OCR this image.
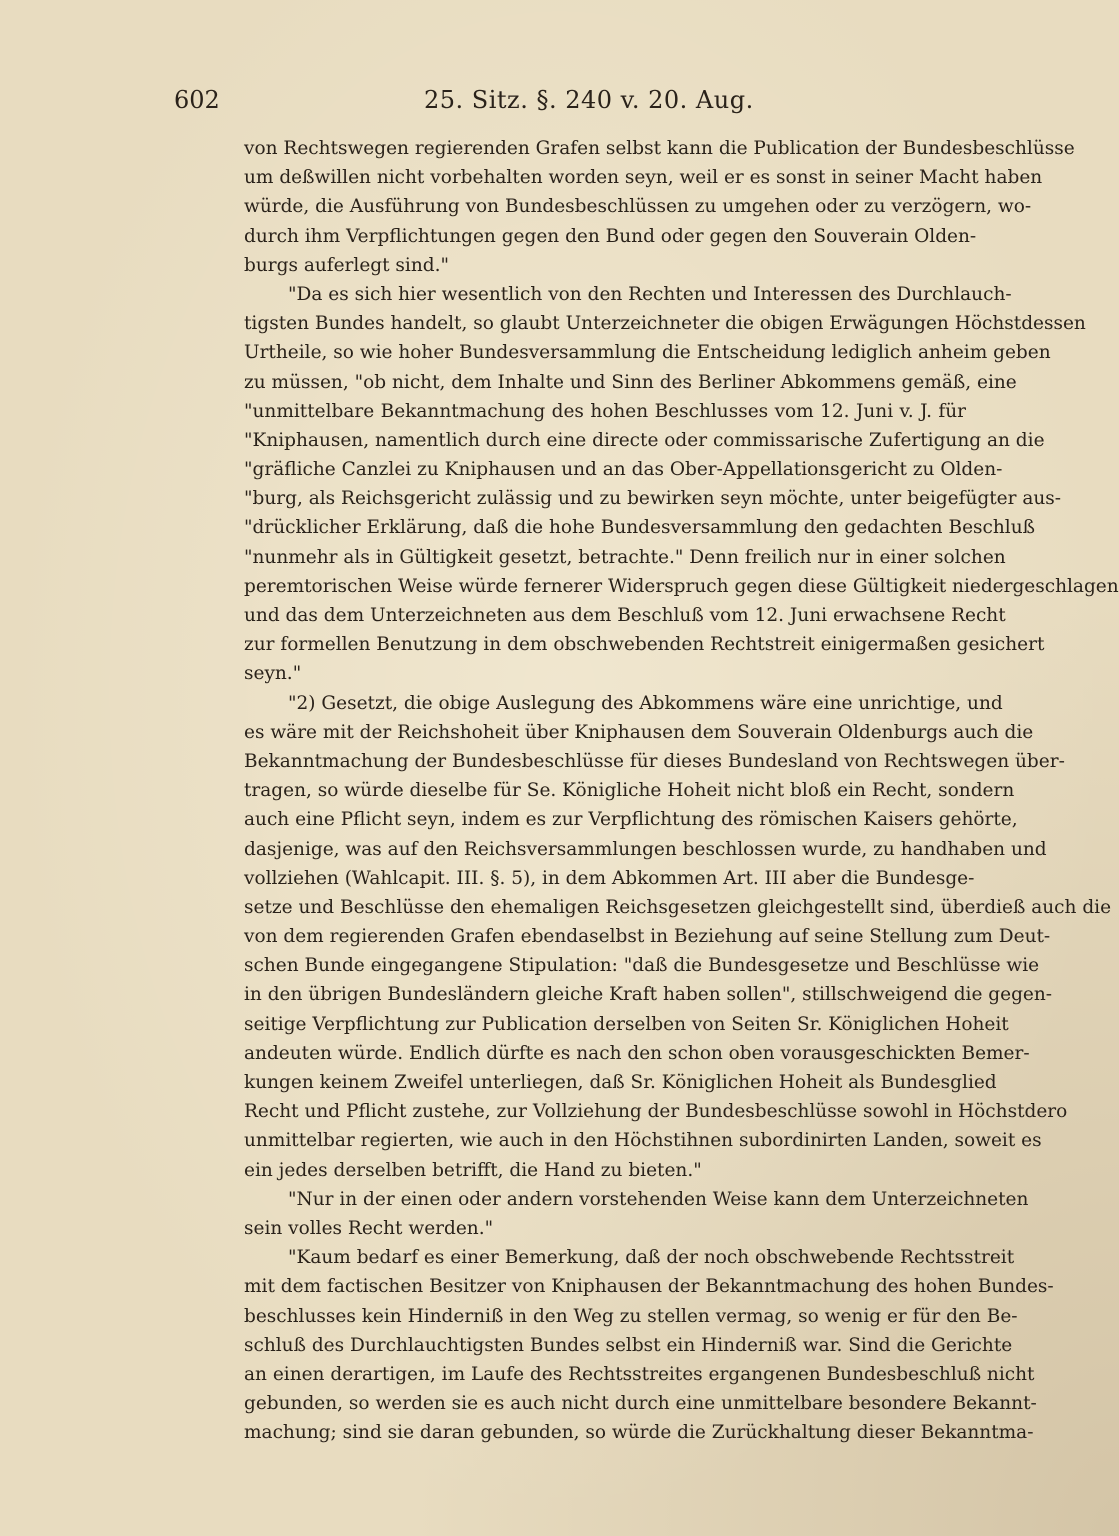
602	25. Sitz. §. 240 v. 20. Aug.
von Rechtswegen regierenden Grafen selbst kann die Publication der Bundesbeschlüsse
um deßwillen nicht vorbehalten worden seyn, weil er es sonst in seiner Macht haben
würde, die Ausführung von Bundesbeschlüssen zu umgehen oder zu verzögern, wo-
durch ihm Verpflichtungen gegen den Bund oder gegen den Souverain Olden-
burgs auferlegt sind."
"Da es sich hier wesentlich von den Rechten und Interessen des Durchlauch-
tigsten Bundes handelt, so glaubt Unterzeichneter die obigen Erwägungen Höchstdessen
Urtheile, so wie hoher Bundesversammlung die Entscheidung lediglich anheim geben
zu müssen, "ob nicht, dem Inhalte und Sinn des Berliner Abkommens gemäß, eine
"unmittelbare Bekanntmachung des hohen Beschlusses vom 12. Juni v. J. für
"Kniphausen, namentlich durch eine directe oder commissarische Zufertigung an die
"gräfliche Canzlei zu Kniphausen und an das Ober-Appellationsgericht zu Olden-
"burg, als Reichsgericht zulässig und zu bewirken seyn möchte, unter beigefügter aus-
"drücklicher Erklärung, daß die hohe Bundesversammlung den gedachten Beschluß
"nunmehr als in Gültigkeit gesetzt, betrachte." Denn freilich nur in einer solchen
peremtorischen Weise würde fernerer Widerspruch gegen diese Gültigkeit niedergeschlagen
und das dem Unterzeichneten aus dem Beschluß vom 12. Juni erwachsene Recht
zur formellen Benutzung in dem obschwebenden Rechtstreit einigermaßen gesichert
seyn."
"2) Gesetzt, die obige Auslegung des Abkommens wäre eine unrichtige, und
es wäre mit der Reichshoheit über Kniphausen dem Souverain Oldenburgs auch die
Bekanntmachung der Bundesbeschlüsse für dieses Bundesland von Rechtswegen über-
tragen, so würde dieselbe für Se. Königliche Hoheit nicht bloß ein Recht, sondern
auch eine Pflicht seyn, indem es zur Verpflichtung des römischen Kaisers gehörte,
dasjenige, was auf den Reichsversammlungen beschlossen wurde, zu handhaben und
vollziehen (Wahlcapit. III. §. 5), in dem Abkommen Art. III aber die Bundesge-
setze und Beschlüsse den ehemaligen Reichsgesetzen gleichgestellt sind, überdieß auch die
von dem regierenden Grafen ebendaselbst in Beziehung auf seine Stellung zum Deut-
schen Bunde eingegangene Stipulation: "daß die Bundesgesetze und Beschlüsse wie
in den übrigen Bundesländern gleiche Kraft haben sollen", stillschweigend die gegen-
seitige Verpflichtung zur Publication derselben von Seiten Sr. Königlichen Hoheit
andeuten würde. Endlich dürfte es nach den schon oben vorausgeschickten Bemer-
kungen keinem Zweifel unterliegen, daß Sr. Königlichen Hoheit als Bundesglied
Recht und Pflicht zustehe, zur Vollziehung der Bundesbeschlüsse sowohl in Höchstdero
unmittelbar regierten, wie auch in den Höchstihnen subordinirten Landen, soweit es
ein jedes derselben betrifft, die Hand zu bieten."
"Nur in der einen oder andern vorstehenden Weise kann dem Unterzeichneten
sein volles Recht werden."
"Kaum bedarf es einer Bemerkung, daß der noch obschwebende Rechtsstreit
mit dem factischen Besitzer von Kniphausen der Bekanntmachung des hohen Bundes-
beschlusses kein Hinderniß in den Weg zu stellen vermag, so wenig er für den Be-
schluß des Durchlauchtigsten Bundes selbst ein Hinderniß war. Sind die Gerichte
an einen derartigen, im Laufe des Rechtsstreites ergangenen Bundesbeschluß nicht
gebunden, so werden sie es auch nicht durch eine unmittelbare besondere Bekannt-
machung; sind sie daran gebunden, so würde die Zurückhaltung dieser Bekanntma-
